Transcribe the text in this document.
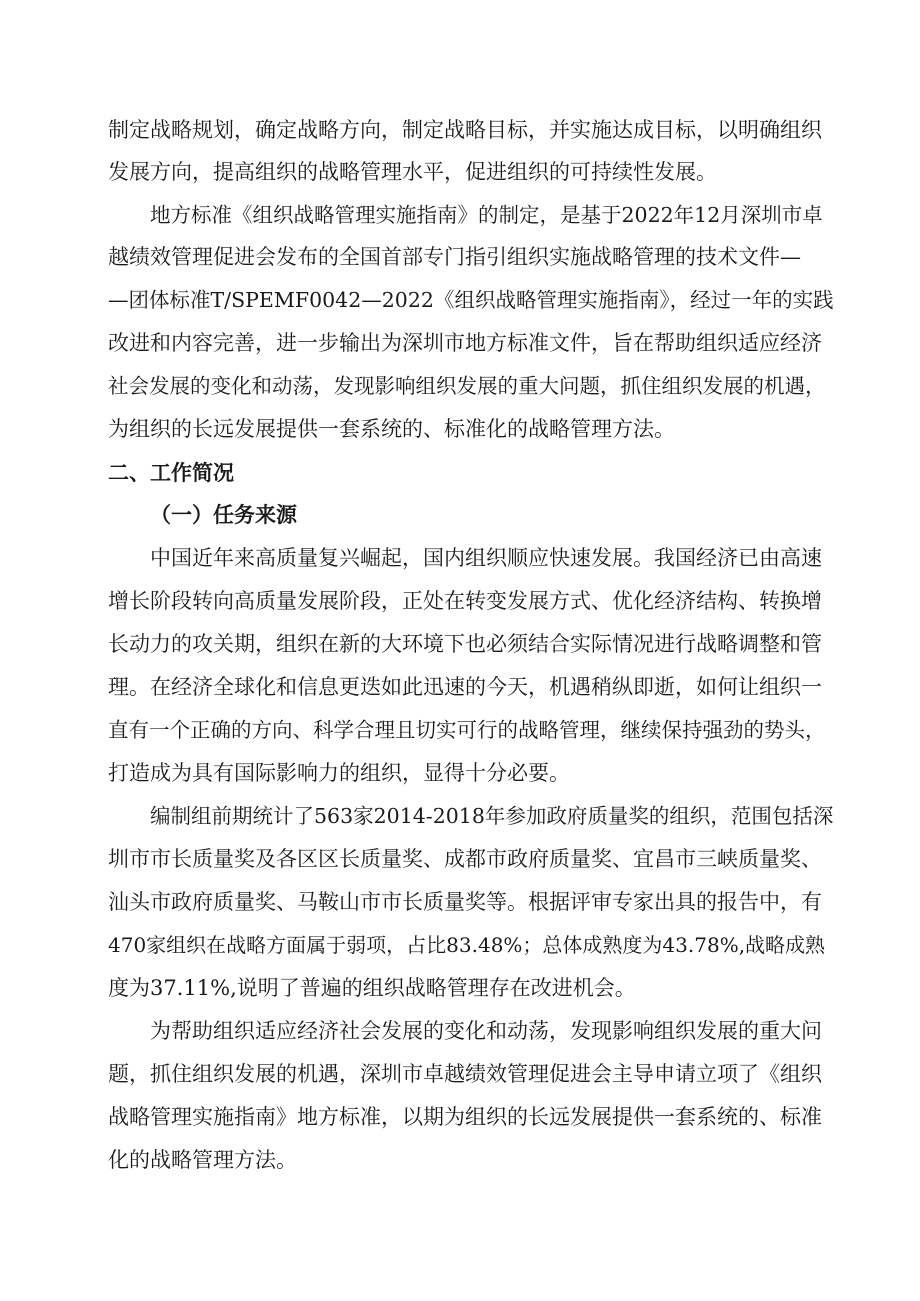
制定战略规划，确定战略方向，制定战略目标，并实施达成目标，以明确组织
发展方向，提高组织的战略管理水平，促进组织的可持续性发展。
地方标准《组织战略管理实施指南》的制定，是基于2022年12月深圳市卓
越绩效管理促进会发布的全国首部专门指引组织实施战略管理的技术文件—
—团体标准T/SPEMF0042—2022《组织战略管理实施指南》，经过一年的实践
改进和内容完善，进一步输出为深圳市地方标准文件，旨在帮助组织适应经济
社会发展的变化和动荡，发现影响组织发展的重大问题，抓住组织发展的机遇，
为组织的长远发展提供一套系统的、标准化的战略管理方法。
二、工作简况
（一）任务来源
中国近年来高质量复兴崛起，国内组织顺应快速发展。我国经济已由高速
增长阶段转向高质量发展阶段，正处在转变发展方式、优化经济结构、转换增
长动力的攻关期，组织在新的大环境下也必须结合实际情况进行战略调整和管
理。在经济全球化和信息更迭如此迅速的今天，机遇稍纵即逝，如何让组织一
直有一个正确的方向、科学合理且切实可行的战略管理，继续保持强劲的势头，
打造成为具有国际影响力的组织，显得十分必要。
编制组前期统计了563家2014-2018年参加政府质量奖的组织，范围包括深
圳市市长质量奖及各区区长质量奖、成都市政府质量奖、宜昌市三峡质量奖、
汕头市政府质量奖、马鞍山市市长质量奖等。根据评审专家出具的报告中，有
470家组织在战略方面属于弱项，占比83.48%；总体成熟度为43.78%,战略成熟
度为37.11%,说明了普遍的组织战略管理存在改进机会。
为帮助组织适应经济社会发展的变化和动荡，发现影响组织发展的重大问
题，抓住组织发展的机遇，深圳市卓越绩效管理促进会主导申请立项了《组织
战略管理实施指南》地方标准，以期为组织的长远发展提供一套系统的、标准
化的战略管理方法。
